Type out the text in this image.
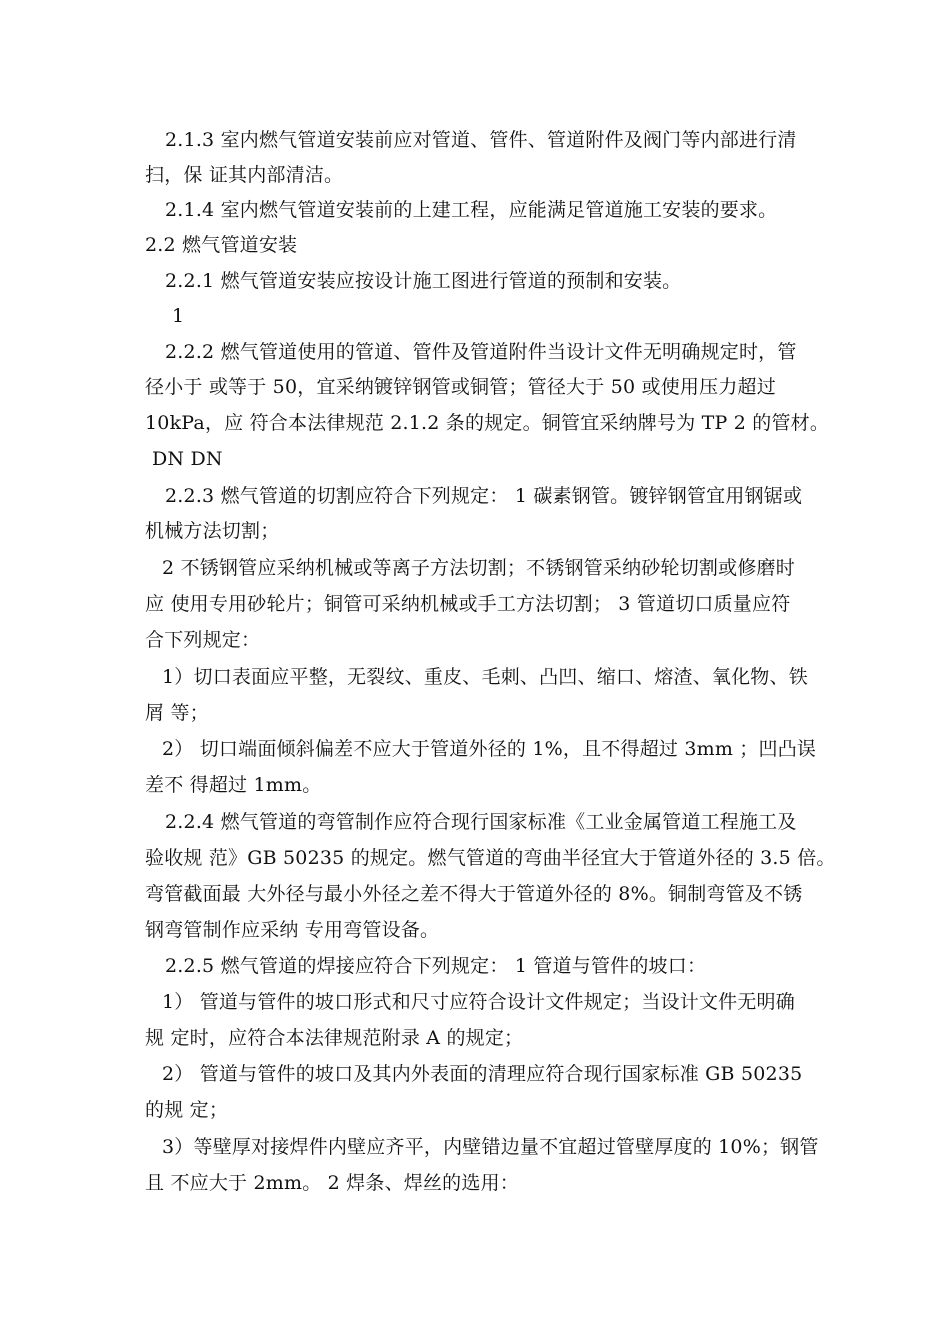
2.1.3 室内燃气管道安装前应对管道、管件、管道附件及阀门等内部进行清
扫，保 证其内部清洁。
2.1.4 室内燃气管道安装前的上建工程，应能满足管道施工安装的要求。
2.2 燃气管道安装
2.2.1 燃气管道安装应按设计施工图进行管道的预制和安装。
1
2.2.2 燃气管道使用的管道、管件及管道附件当设计文件无明确规定时，管
径小于 或等于 50，宜采纳镀锌钢管或铜管；管径大于 50 或使用压力超过
10kPa，应 符合本法律规范 2.1.2 条的规定。铜管宜采纳牌号为 TP 2 的管材。
DN DN
2.2.3 燃气管道的切割应符合下列规定： 1 碳素钢管。镀锌钢管宜用钢锯或
机械方法切割；
2 不锈钢管应采纳机械或等离子方法切割；不锈钢管采纳砂轮切割或修磨时
应 使用专用砂轮片；铜管可采纳机械或手工方法切割； 3 管道切口质量应符
合下列规定：
1）切口表面应平整，无裂纹、重皮、毛刺、凸凹、缩口、熔渣、氧化物、铁
屑 等；
2） 切口端面倾斜偏差不应大于管道外径的 1%，且不得超过 3mm ；凹凸误
差不 得超过 1mm。
2.2.4 燃气管道的弯管制作应符合现行国家标准《工业金属管道工程施工及
验收规 范》GB 50235 的规定。燃气管道的弯曲半径宜大于管道外径的 3.5 倍。
弯管截面最 大外径与最小外径之差不得大于管道外径的 8%。铜制弯管及不锈
钢弯管制作应采纳 专用弯管设备。
2.2.5 燃气管道的焊接应符合下列规定： 1 管道与管件的坡口：
1） 管道与管件的坡口形式和尺寸应符合设计文件规定；当设计文件无明确
规 定时，应符合本法律规范附录 A 的规定；
2） 管道与管件的坡口及其内外表面的清理应符合现行国家标准 GB 50235
的规 定；
3）等壁厚对接焊件内壁应齐平，内壁错边量不宜超过管壁厚度的 10%；钢管
且 不应大于 2mm。 2 焊条、焊丝的选用：
